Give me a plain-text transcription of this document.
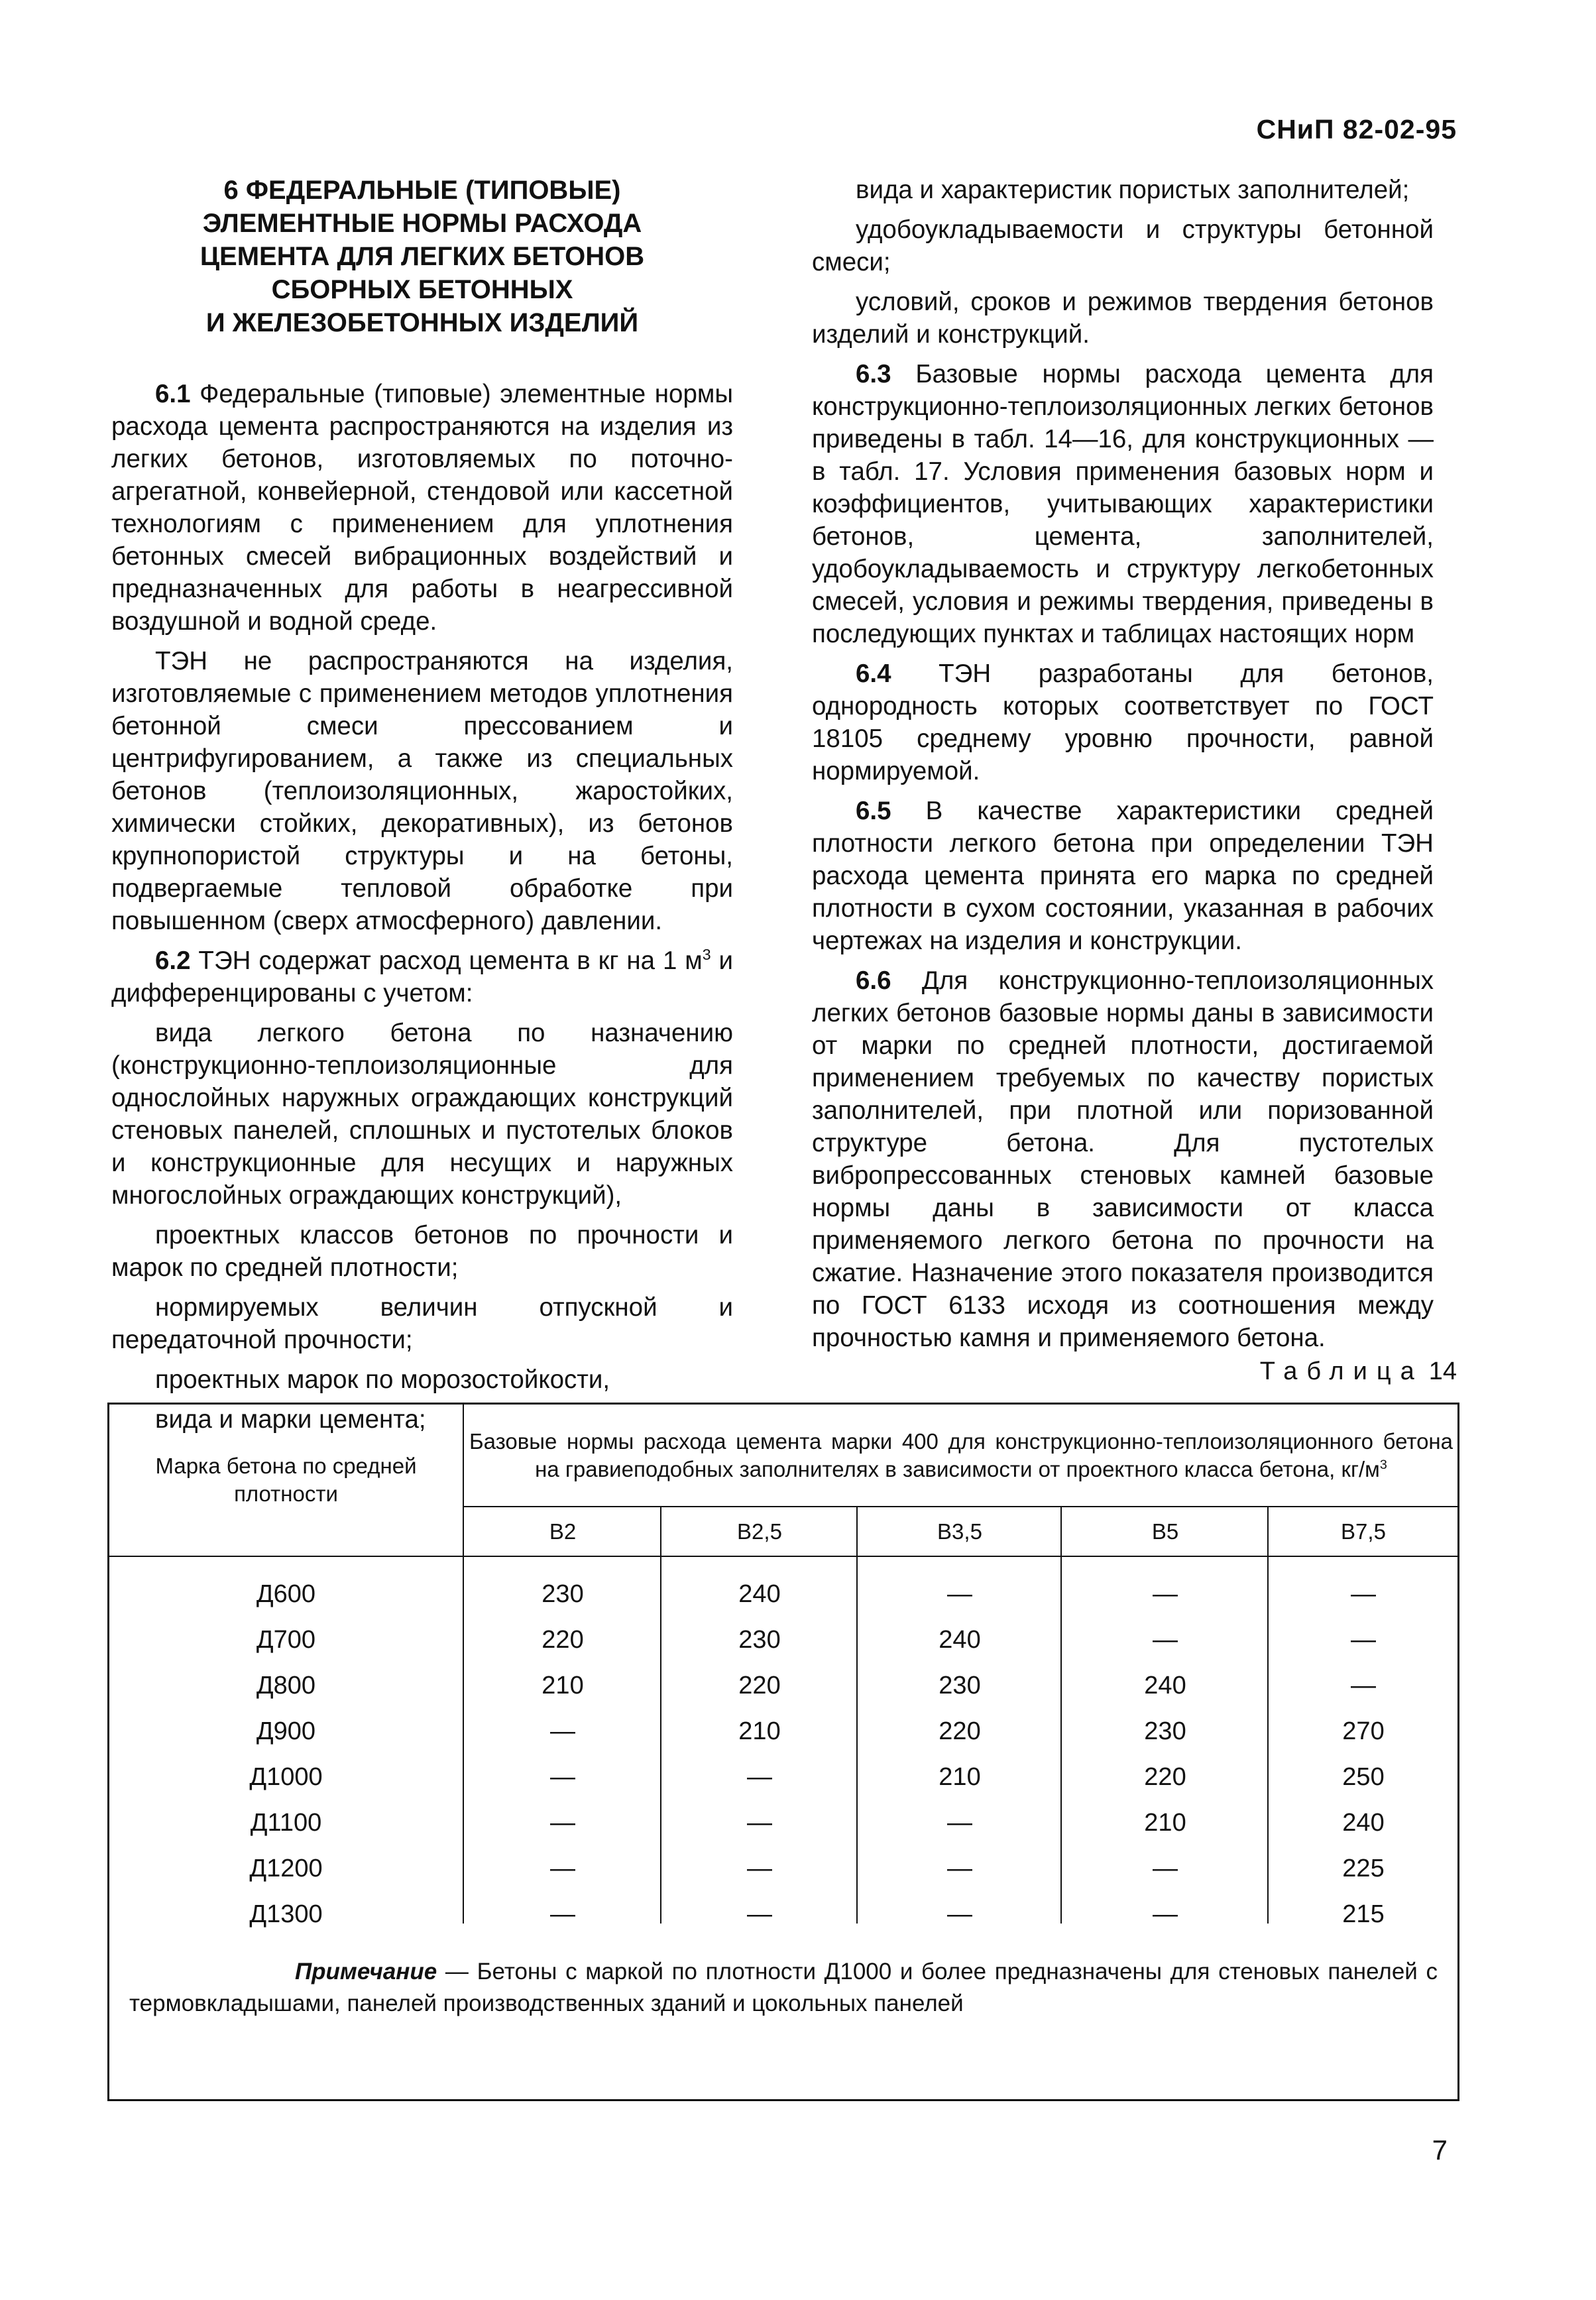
СНиП 82-02-95
6 ФЕДЕРАЛЬНЫЕ (ТИПОВЫЕ)
ЭЛЕМЕНТНЫЕ НОРМЫ РАСХОДА
ЦЕМЕНТА ДЛЯ ЛЕГКИХ БЕТОНОВ
СБОРНЫХ БЕТОННЫХ
И ЖЕЛЕЗОБЕТОННЫХ ИЗДЕЛИЙ

6.1 Федеральные (типовые) элементные нормы расхода цемента распространяются на изделия из легких бетонов, изготовляемых по поточно-агрегатной, конвейерной, стендовой или кассетной технологиям с применением для уплотнения бетонных смесей вибрационных воздействий и предназначенных для работы в неагрессивной воздушной и водной среде.

ТЭН не распространяются на изделия, изготовляемые с применением методов уплотнения бетонной смеси прессованием и центрифугированием, а также из специальных бетонов (теплоизоляционных, жаростойких, химически стойких, декоративных), из бетонов крупнопористой структуры и на бетоны, подвергаемые тепловой обработке при повышенном (сверх атмосферного) давлении.

6.2 ТЭН содержат расход цемента в кг на 1 $м^3$ и дифференцированы с учетом:

вида легкого бетона по назначению (конструкционно-теплоизоляционные для однослойных наружных ограждающих конструкций стеновых панелей, сплошных и пустотелых блоков и конструкционные для несущих и наружных многослойных ограждающих конструкций),

проектных классов бетонов по прочности и марок по средней плотности;

нормируемых величин отпускной и передаточной прочности;

проектных марок по морозостойкости,

вида и марки цемента;

вида и характеристик пористых заполнителей;

удобоукладываемости и структуры бетонной смеси;

условий, сроков и режимов твердения бетонов изделий и конструкций.

6.3 Базовые нормы расхода цемента для конструкционно-теплоизоляционных легких бетонов приведены в табл. 14—16, для конструкционных — в табл. 17. Условия применения базовых норм и коэффициентов, учитывающих характеристики бетонов, цемента, заполнителей, удобоукладываемость и структуру легкобетонных смесей, условия и режимы твердения, приведены в последующих пунктах и таблицах настоящих норм

6.4 ТЭН разработаны для бетонов, однородность которых соответствует по ГОСТ 18105 среднему уровню прочности, равной нормируемой.

6.5 В качестве характеристики средней плотности легкого бетона при определении ТЭН расхода цемента принята его марка по средней плотности в сухом состоянии, указанная в рабочих чертежах на изделия и конструкции.

6.6 Для конструкционно-теплоизоляционных легких бетонов базовые нормы даны в зависимости от марки по средней плотности, достигаемой применением требуемых по качеству пористых заполнителей, при плотной или поризованной структуре бетона. Для пустотелых вибропрессованных стеновых камней базовые нормы даны в зависимости от класса применяемого легкого бетона по прочности на сжатие. Назначение этого показателя производится по ГОСТ 6133 исходя из соотношения между прочностью камня и применяемого бетона.

Таблица 14
Марка бетона по средней плотности
Базовые нормы расхода цемента марки 400 для конструкционно-теплоизоляционного бетона на гравиеподобных заполнителях в зависимости от проектного класса бетона, $кг/м^3$
В2	В2,5	В3,5	В5	В7,5
Д600	230	240	—	—	—
Д700	220	230	240	—	—
Д800	210	220	230	240	—
Д900	—	210	220	230	270
Д1000	—	—	210	220	250
Д1100	—	—	—	210	240
Д1200	—	—	—	—	225
Д1300	—	—	—	—	215
Примечание — Бетоны с маркой по плотности Д1000 и более предназначены для стеновых панелей с термовкладышами, панелей производственных зданий и цокольных панелей
7
